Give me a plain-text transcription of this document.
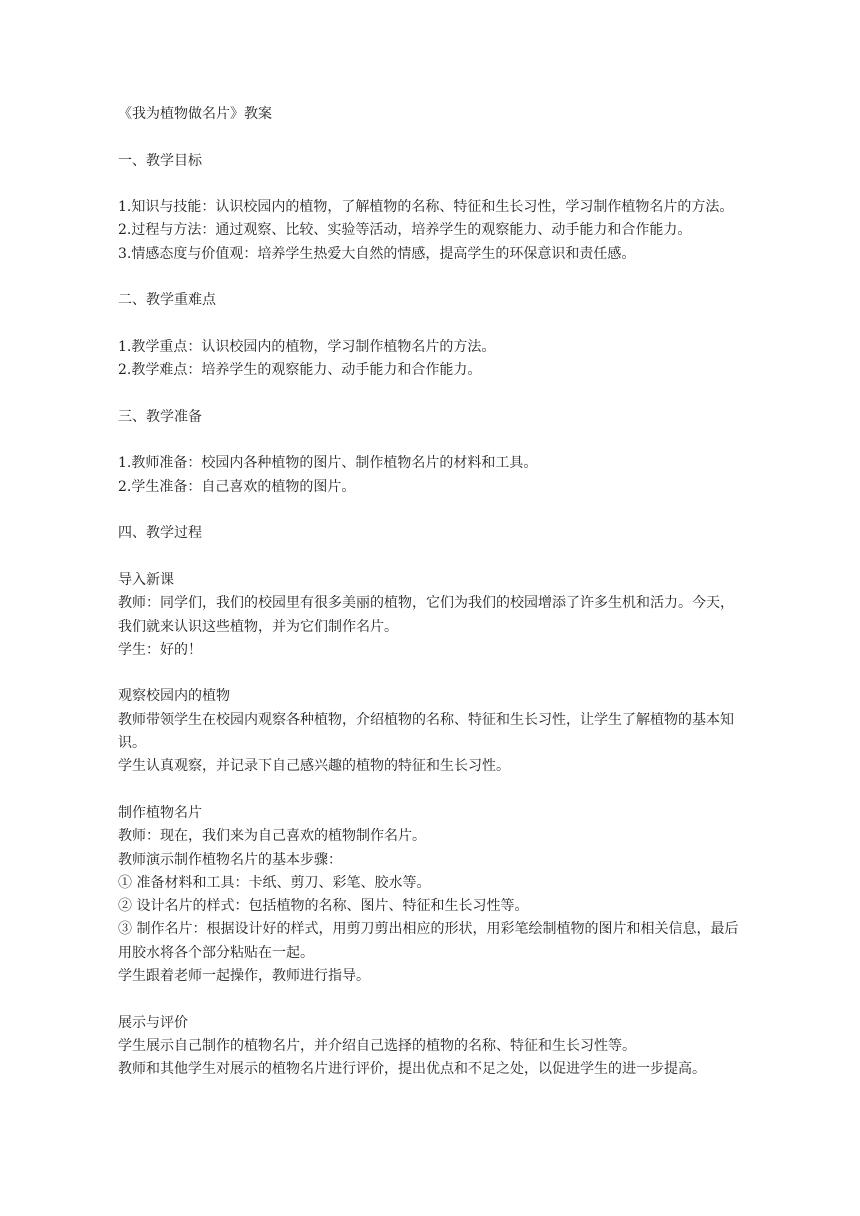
《我为植物做名片》教案

一、教学目标

1.知识与技能：认识校园内的植物，了解植物的名称、特征和生长习性，学习制作植物名片的方法。

2.过程与方法：通过观察、比较、实验等活动，培养学生的观察能力、动手能力和合作能力。

3.情感态度与价值观：培养学生热爱大自然的情感，提高学生的环保意识和责任感。

二、教学重难点

1.教学重点：认识校园内的植物，学习制作植物名片的方法。

2.教学难点：培养学生的观察能力、动手能力和合作能力。

三、教学准备

1.教师准备：校园内各种植物的图片、制作植物名片的材料和工具。

2.学生准备：自己喜欢的植物的图片。

四、教学过程

导入新课

教师：同学们，我们的校园里有很多美丽的植物，它们为我们的校园增添了许多生机和活力。今天，我们就来认识这些植物，并为它们制作名片。

学生：好的！

观察校园内的植物

教师带领学生在校园内观察各种植物，介绍植物的名称、特征和生长习性，让学生了解植物的基本知识。

学生认真观察，并记录下自己感兴趣的植物的特征和生长习性。

制作植物名片

教师：现在，我们来为自己喜欢的植物制作名片。

教师演示制作植物名片的基本步骤：

① 准备材料和工具：卡纸、剪刀、彩笔、胶水等。

② 设计名片的样式：包括植物的名称、图片、特征和生长习性等。

③ 制作名片：根据设计好的样式，用剪刀剪出相应的形状，用彩笔绘制植物的图片和相关信息，最后用胶水将各个部分粘贴在一起。

学生跟着老师一起操作，教师进行指导。

展示与评价

学生展示自己制作的植物名片，并介绍自己选择的植物的名称、特征和生长习性等。

教师和其他学生对展示的植物名片进行评价，提出优点和不足之处，以促进学生的进一步提高。
